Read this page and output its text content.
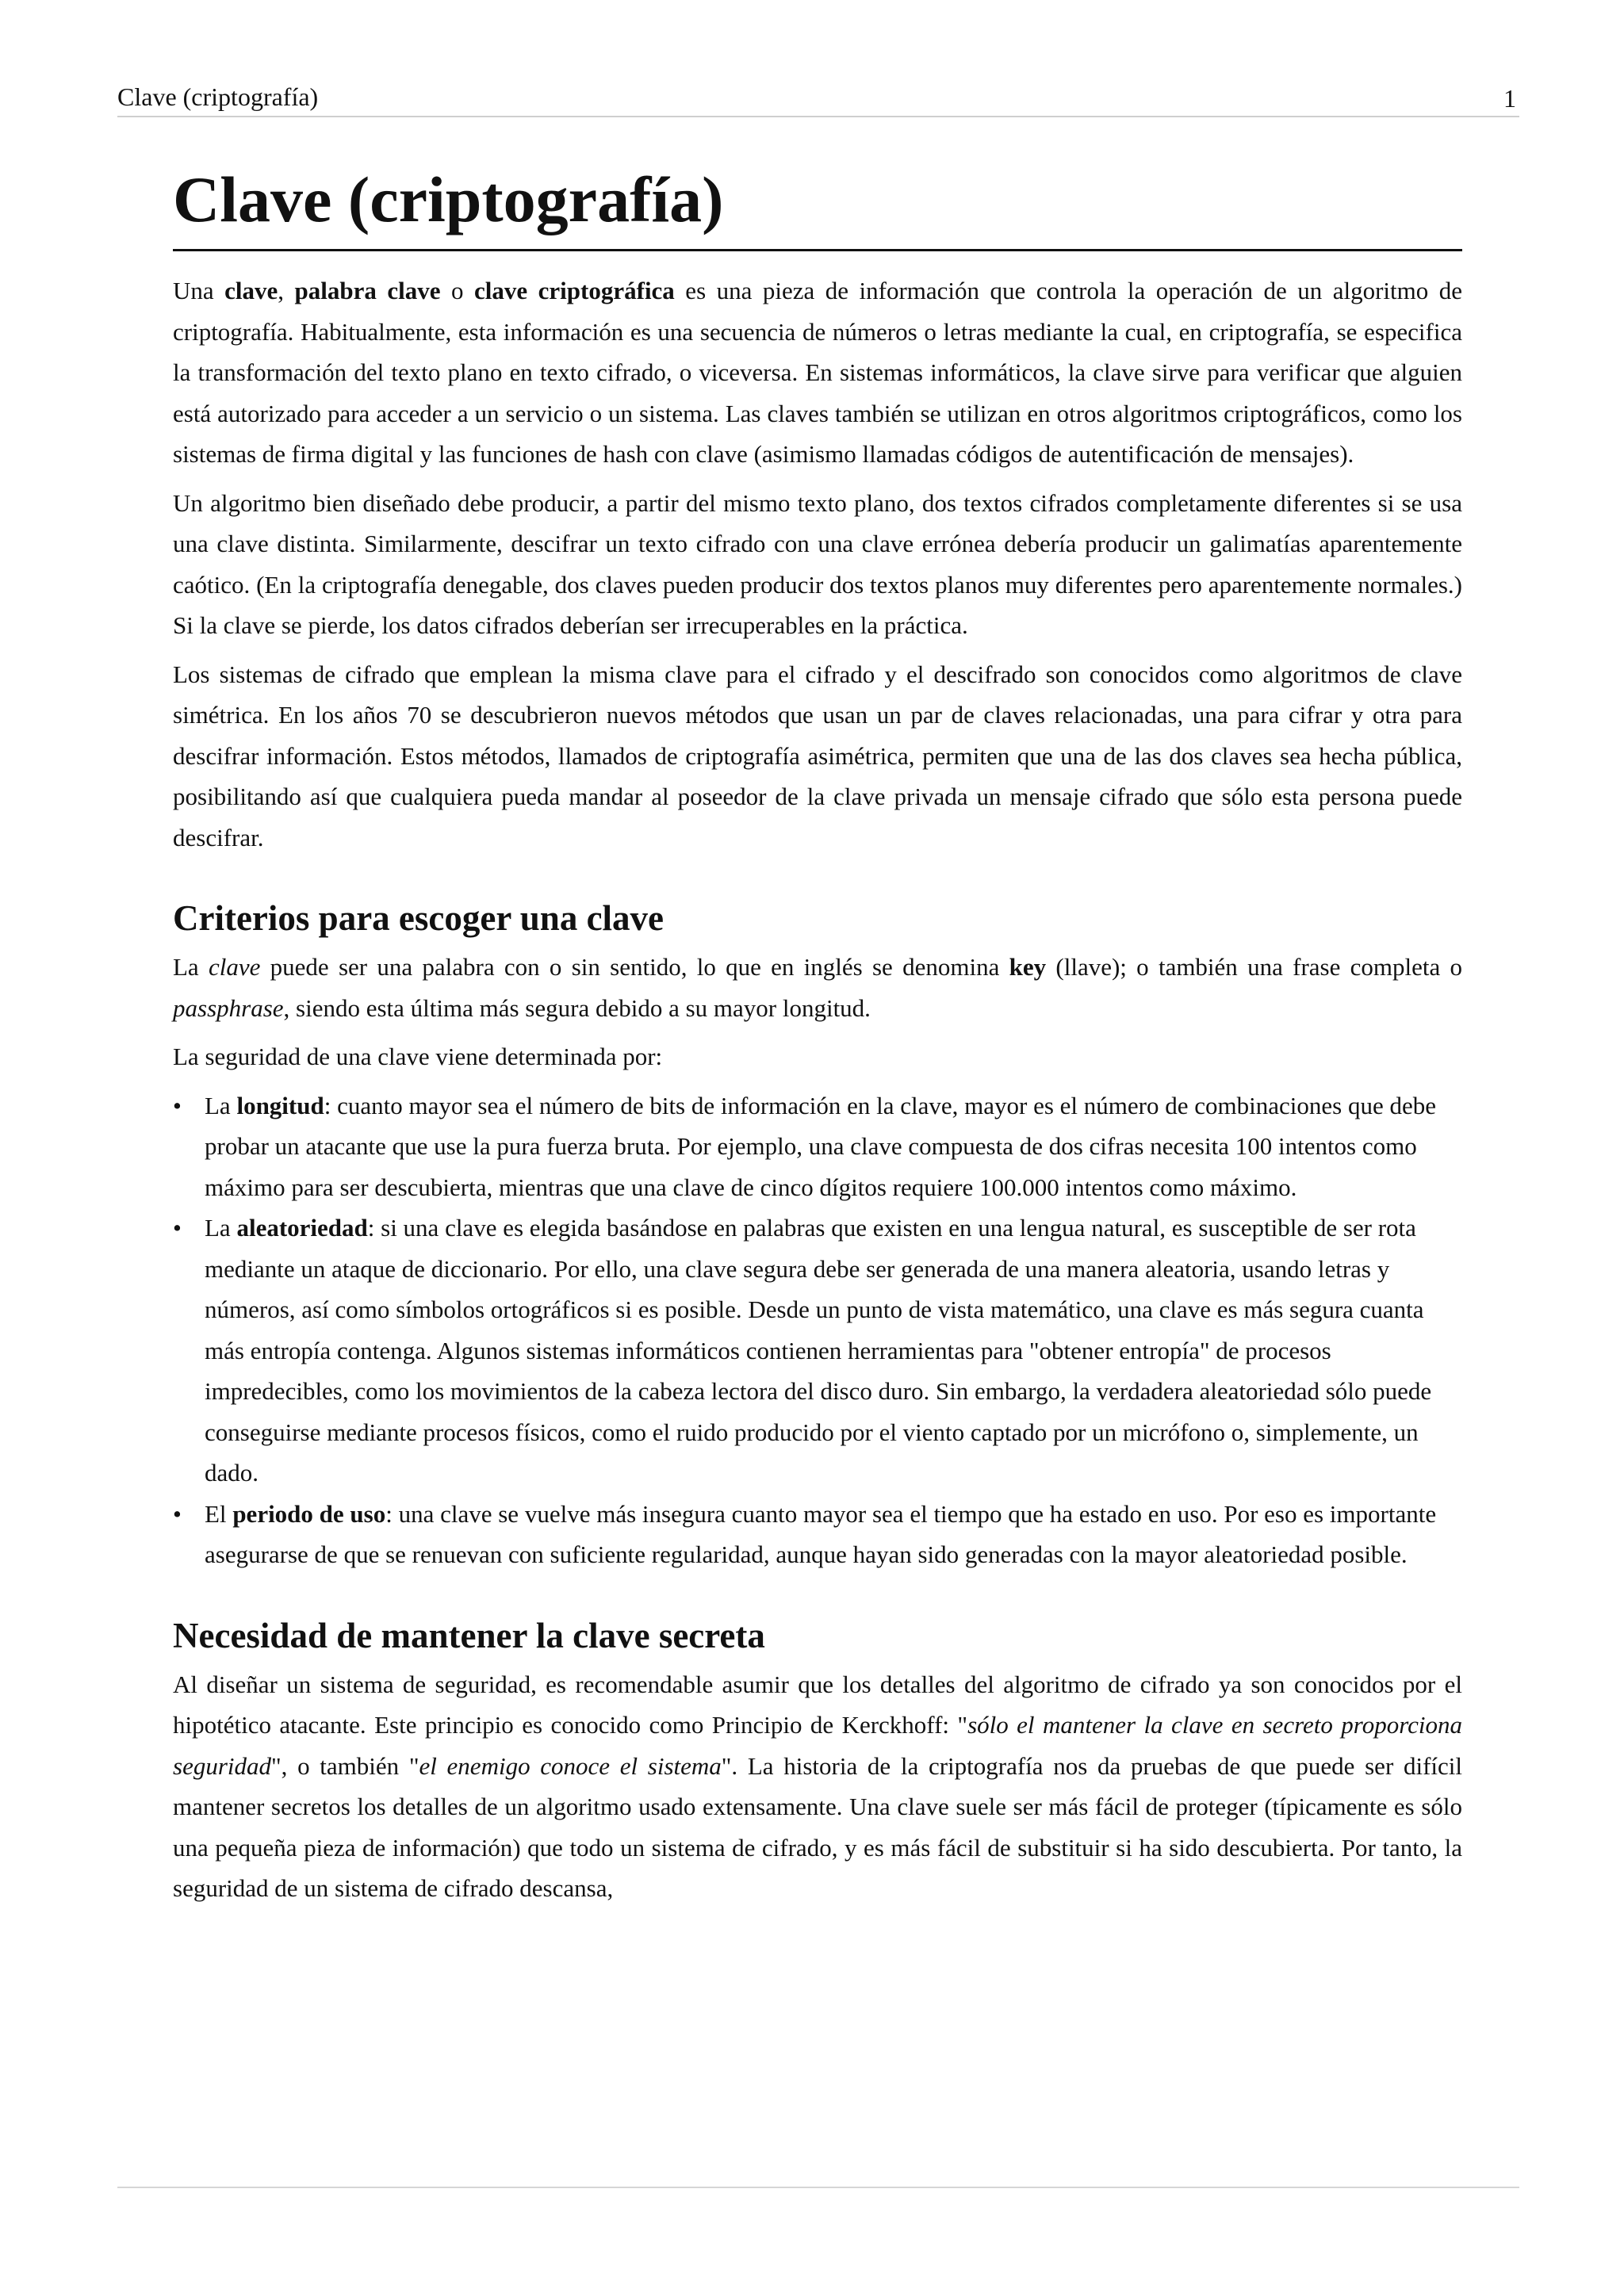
Clave (criptografía)	1
Clave (criptografía)

Una clave, palabra clave o clave criptográfica es una pieza de información que controla la operación de un algoritmo de criptografía. Habitualmente, esta información es una secuencia de números o letras mediante la cual, en criptografía, se especifica la transformación del texto plano en texto cifrado, o viceversa. En sistemas informáticos, la clave sirve para verificar que alguien está autorizado para acceder a un servicio o un sistema. Las claves también se utilizan en otros algoritmos criptográficos, como los sistemas de firma digital y las funciones de hash con clave (asimismo llamadas códigos de autentificación de mensajes).

Un algoritmo bien diseñado debe producir, a partir del mismo texto plano, dos textos cifrados completamente diferentes si se usa una clave distinta. Similarmente, descifrar un texto cifrado con una clave errónea debería producir un galimatías aparentemente caótico. (En la criptografía denegable, dos claves pueden producir dos textos planos muy diferentes pero aparentemente normales.) Si la clave se pierde, los datos cifrados deberían ser irrecuperables en la práctica.

Los sistemas de cifrado que emplean la misma clave para el cifrado y el descifrado son conocidos como algoritmos de clave simétrica. En los años 70 se descubrieron nuevos métodos que usan un par de claves relacionadas, una para cifrar y otra para descifrar información. Estos métodos, llamados de criptografía asimétrica, permiten que una de las dos claves sea hecha pública, posibilitando así que cualquiera pueda mandar al poseedor de la clave privada un mensaje cifrado que sólo esta persona puede descifrar.

Criterios para escoger una clave

La clave puede ser una palabra con o sin sentido, lo que en inglés se denomina key (llave); o también una frase completa o passphrase, siendo esta última más segura debido a su mayor longitud.

La seguridad de una clave viene determinada por:

• La longitud: cuanto mayor sea el número de bits de información en la clave, mayor es el número de combinaciones que debe probar un atacante que use la pura fuerza bruta. Por ejemplo, una clave compuesta de dos cifras necesita 100 intentos como máximo para ser descubierta, mientras que una clave de cinco dígitos requiere 100.000 intentos como máximo.
• La aleatoriedad: si una clave es elegida basándose en palabras que existen en una lengua natural, es susceptible de ser rota mediante un ataque de diccionario. Por ello, una clave segura debe ser generada de una manera aleatoria, usando letras y números, así como símbolos ortográficos si es posible. Desde un punto de vista matemático, una clave es más segura cuanta más entropía contenga. Algunos sistemas informáticos contienen herramientas para "obtener entropía" de procesos impredecibles, como los movimientos de la cabeza lectora del disco duro. Sin embargo, la verdadera aleatoriedad sólo puede conseguirse mediante procesos físicos, como el ruido producido por el viento captado por un micrófono o, simplemente, un dado.
• El periodo de uso: una clave se vuelve más insegura cuanto mayor sea el tiempo que ha estado en uso. Por eso es importante asegurarse de que se renuevan con suficiente regularidad, aunque hayan sido generadas con la mayor aleatoriedad posible.
Necesidad de mantener la clave secreta

Al diseñar un sistema de seguridad, es recomendable asumir que los detalles del algoritmo de cifrado ya son conocidos por el hipotético atacante. Este principio es conocido como Principio de Kerckhoff: "sólo el mantener la clave en secreto proporciona seguridad", o también "el enemigo conoce el sistema". La historia de la criptografía nos da pruebas de que puede ser difícil mantener secretos los detalles de un algoritmo usado extensamente. Una clave suele ser más fácil de proteger (típicamente es sólo una pequeña pieza de información) que todo un sistema de cifrado, y es más fácil de substituir si ha sido descubierta. Por tanto, la seguridad de un sistema de cifrado descansa,
